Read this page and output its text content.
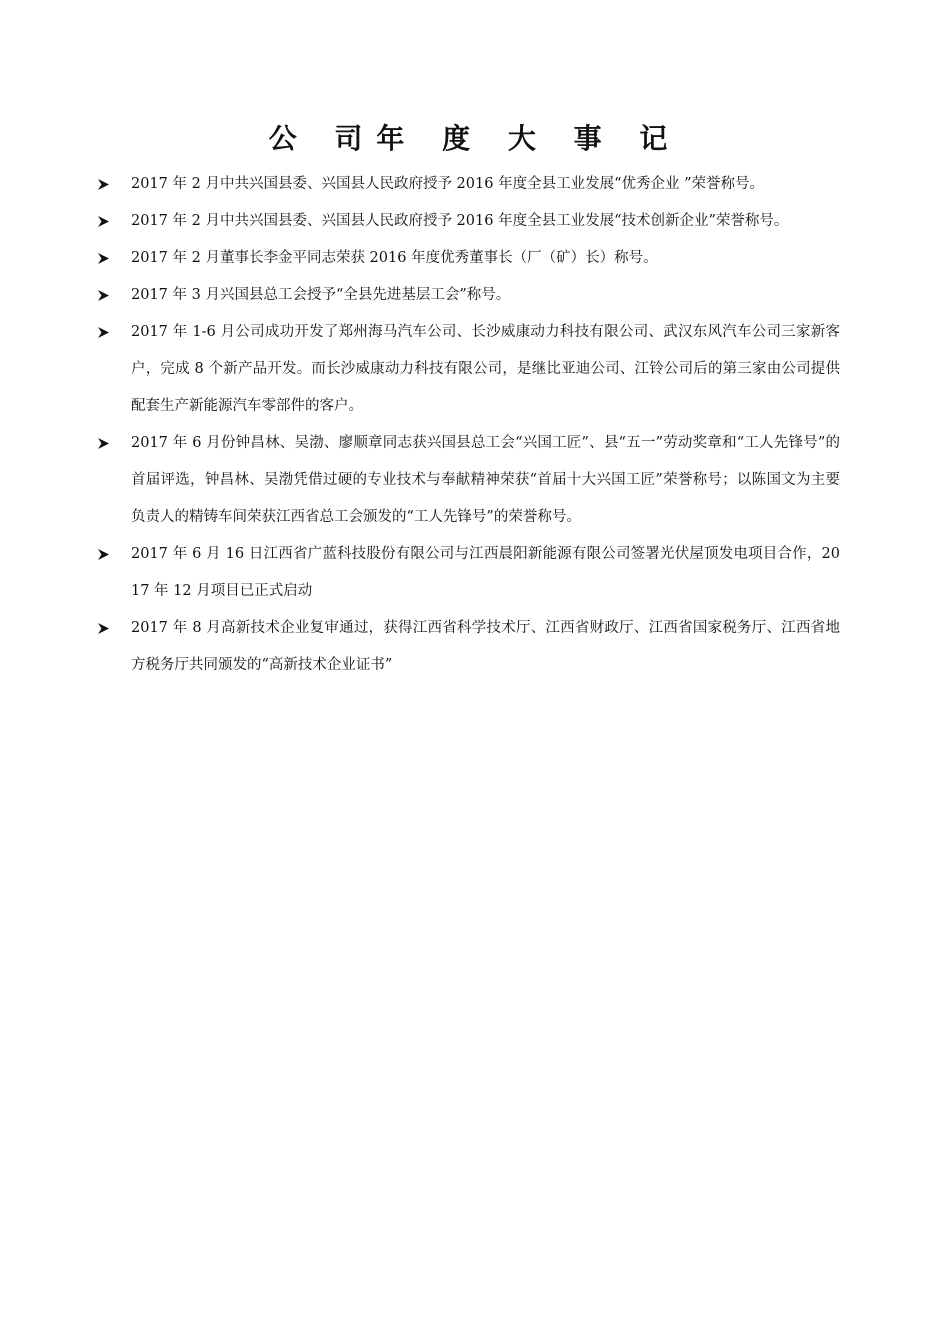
公 司年 度 大 事 记
2017 年 2 月中共兴国县委、兴国县人民政府授予 2016 年度全县工业发展“优秀企业 ”荣誉称号。
2017 年 2 月中共兴国县委、兴国县人民政府授予 2016 年度全县工业发展“技术创新企业”荣誉称号。
2017 年 2 月董事长李金平同志荣获 2016 年度优秀董事长（厂（矿）长）称号。
2017 年 3 月兴国县总工会授予“全县先进基层工会”称号。
2017 年 1-6 月公司成功开发了郑州海马汽车公司、长沙威康动力科技有限公司、武汉东风汽车公司三家新客户，完成 8 个新产品开发。而长沙威康动力科技有限公司，是继比亚迪公司、江铃公司后的第三家由公司提供配套生产新能源汽车零部件的客户。
2017 年 6 月份钟昌林、吴渤、廖顺章同志获兴国县总工会“兴国工匠”、县“五一”劳动奖章和“工人先锋号”的首届评选，钟昌林、吴渤凭借过硬的专业技术与奉献精神荣获“首届十大兴国工匠”荣誉称号；以陈国文为主要负责人的精铸车间荣获江西省总工会颁发的“工人先锋号”的荣誉称号。
2017 年 6 月 16 日江西省广蓝科技股份有限公司与江西晨阳新能源有限公司签署光伏屋顶发电项目合作，2017 年 12 月项目已正式启动
2017 年 8 月高新技术企业复审通过，获得江西省科学技术厅、江西省财政厅、江西省国家税务厅、江西省地方税务厅共同颁发的“高新技术企业证书”
